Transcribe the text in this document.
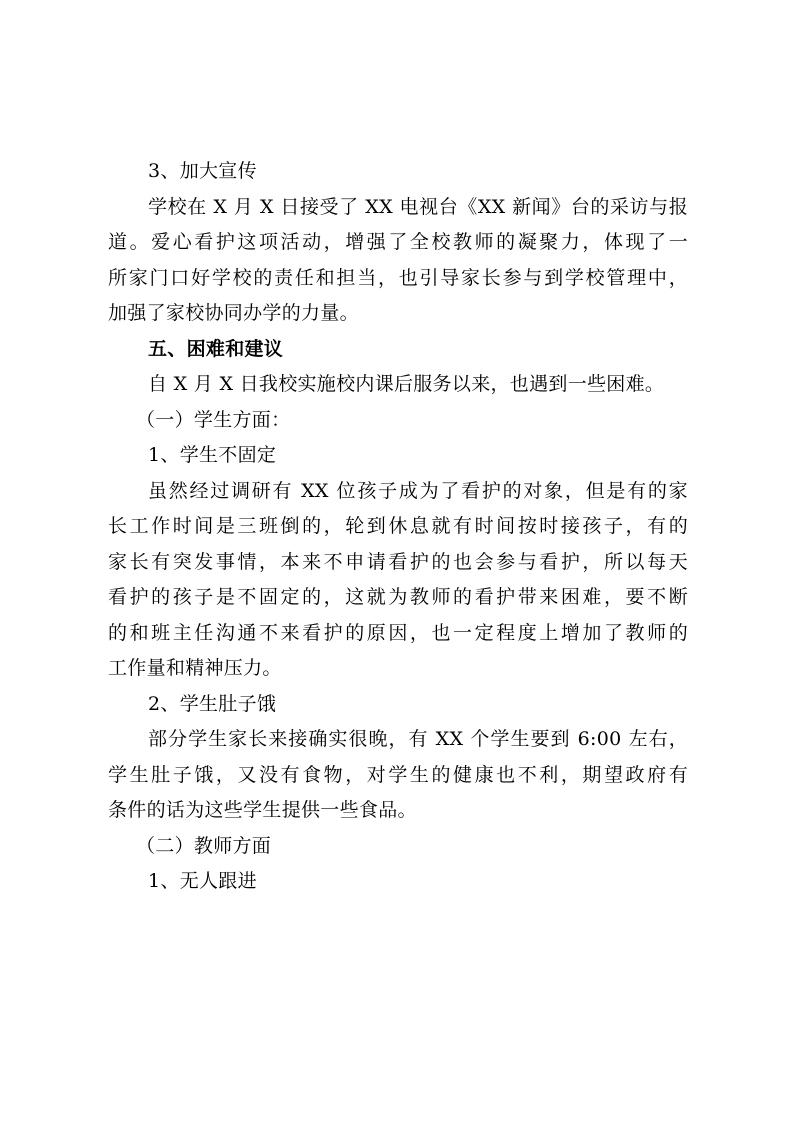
3、加大宣传
学校在 X 月 X 日接受了 XX 电视台《XX 新闻》台的采访与报
道。爱心看护这项活动，增强了全校教师的凝聚力，体现了一
所家门口好学校的责任和担当，也引导家长参与到学校管理中，
加强了家校协同办学的力量。
五、困难和建议
自 X 月 X 日我校实施校内课后服务以来，也遇到一些困难。
（一）学生方面：
1、学生不固定
虽然经过调研有 XX 位孩子成为了看护的对象，但是有的家
长工作时间是三班倒的，轮到休息就有时间按时接孩子，有的
家长有突发事情，本来不申请看护的也会参与看护，所以每天
看护的孩子是不固定的，这就为教师的看护带来困难，要不断
的和班主任沟通不来看护的原因，也一定程度上增加了教师的
工作量和精神压力。
2、学生肚子饿
部分学生家长来接确实很晚，有 XX 个学生要到 6:00 左右，
学生肚子饿，又没有食物，对学生的健康也不利，期望政府有
条件的话为这些学生提供一些食品。
（二）教师方面
1、无人跟进
